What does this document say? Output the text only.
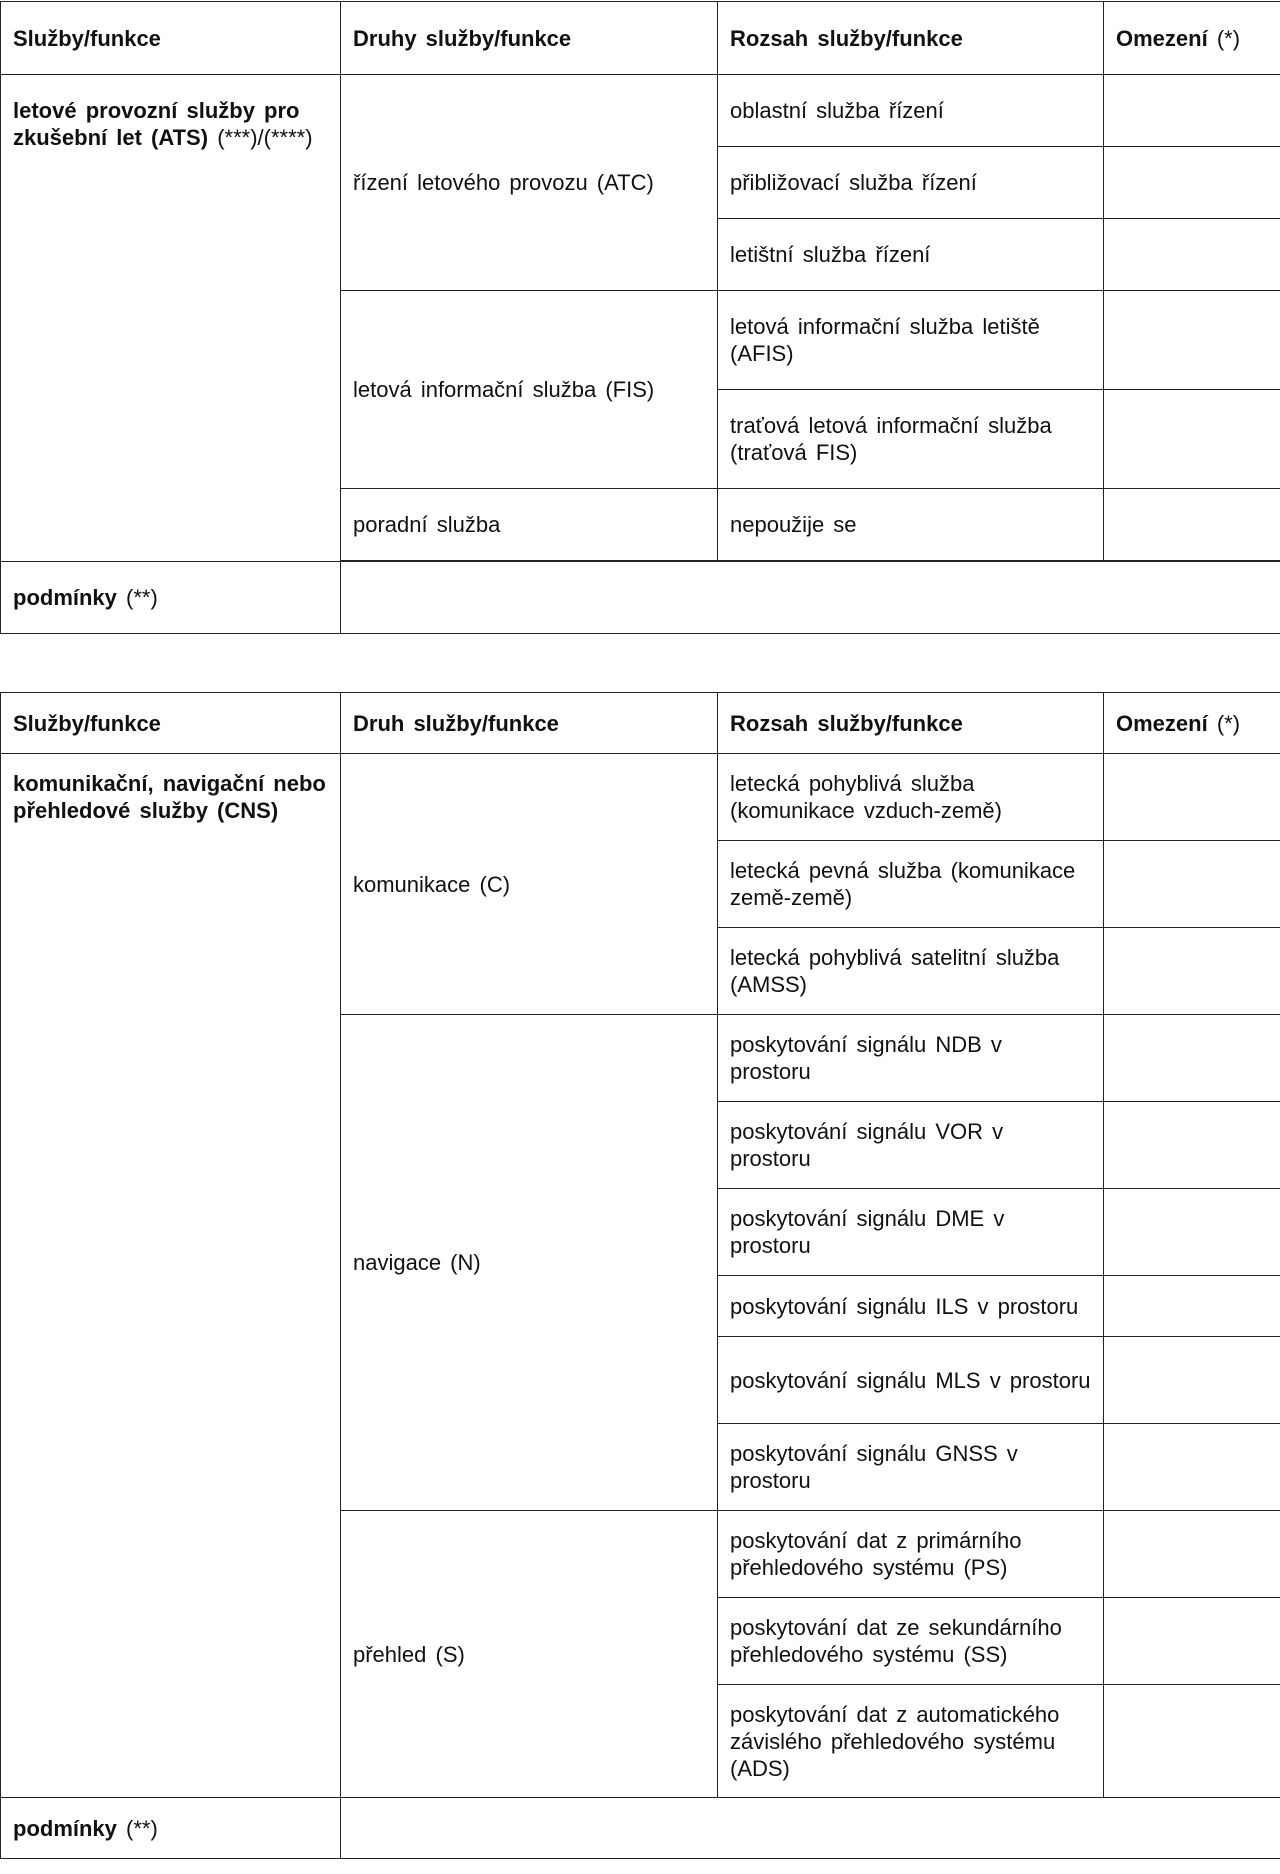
Služby/funkce	Druhy služby/funkce	Rozsah služby/funkce	Omezení (*)
letové provozní služby pro zkušební let (ATS) (***)/(****)	řízení letového provozu (ATC)	oblastní služba řízení	
		přibližovací služba řízení	
		letištní služba řízení	
	letová informační služba (FIS)	letová informační služba letiště (AFIS)	
		traťová letová informační služba (traťová FIS)	
	poradní služba	nepoužije se	

podmínky (**)			
Služby/funkce	Druh služby/funkce	Rozsah služby/funkce	Omezení (*)
komunikační, navigační nebo přehledové služby (CNS)	komunikace (C)	letecká pohyblivá služba (komunikace vzduch-země)	
		letecká pevná služba (komunikace země-země)	
		letecká pohyblivá satelitní služba (AMSS)	
	navigace (N)	poskytování signálu NDB v prostoru	
		poskytování signálu VOR v prostoru	
		poskytování signálu DME v prostoru	
		poskytování signálu ILS v prostoru	
		poskytování signálu MLS v prostoru	
		poskytování signálu GNSS v prostoru	
	přehled (S)	poskytování dat z primárního přehledového systému (PS)	
		poskytování dat ze sekundárního přehledového systému (SS)	
		poskytování dat z automatického závislého přehledového systému (ADS)	
podmínky (**)			
